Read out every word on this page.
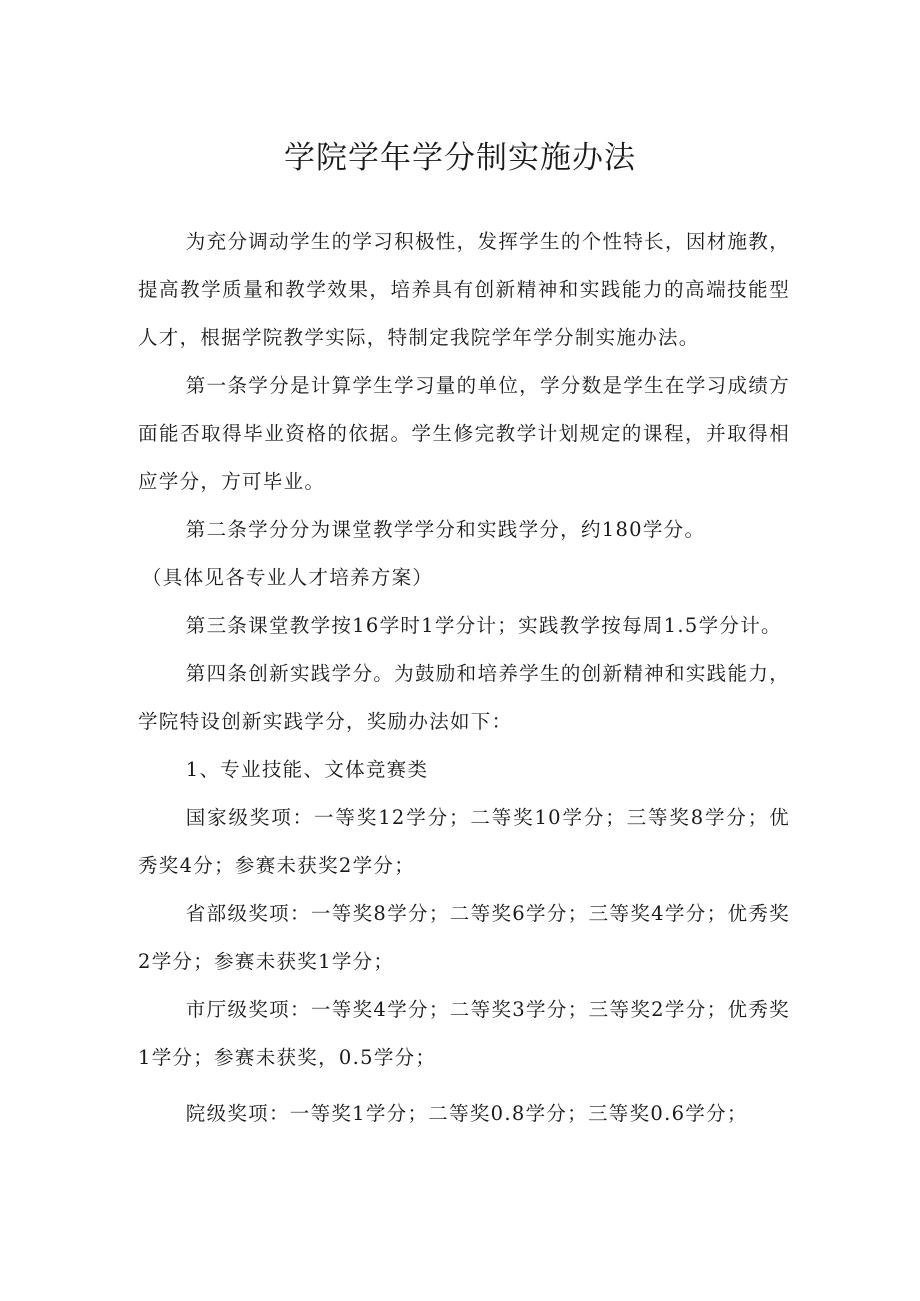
学院学年学分制实施办法

为充分调动学生的学习积极性，发挥学生的个性特长，因材施教，提高教学质量和教学效果，培养具有创新精神和实践能力的高端技能型人才，根据学院教学实际，特制定我院学年学分制实施办法。

第一条学分是计算学生学习量的单位，学分数是学生在学习成绩方面能否取得毕业资格的依据。学生修完教学计划规定的课程，并取得相应学分，方可毕业。

第二条学分分为课堂教学学分和实践学分，约180学分。

（具体见各专业人才培养方案）

第三条课堂教学按16学时1学分计；实践教学按每周1.5学分计。

第四条创新实践学分。为鼓励和培养学生的创新精神和实践能力，学院特设创新实践学分，奖励办法如下：

1、专业技能、文体竞赛类

国家级奖项：一等奖12学分；二等奖10学分；三等奖8学分；优秀奖4分；参赛未获奖2学分；

省部级奖项：一等奖8学分；二等奖6学分；三等奖4学分；优秀奖2学分；参赛未获奖1学分；

市厅级奖项：一等奖4学分；二等奖3学分；三等奖2学分；优秀奖1学分；参赛未获奖，0.5学分；

院级奖项：一等奖1学分；二等奖0.8学分；三等奖0.6学分；
